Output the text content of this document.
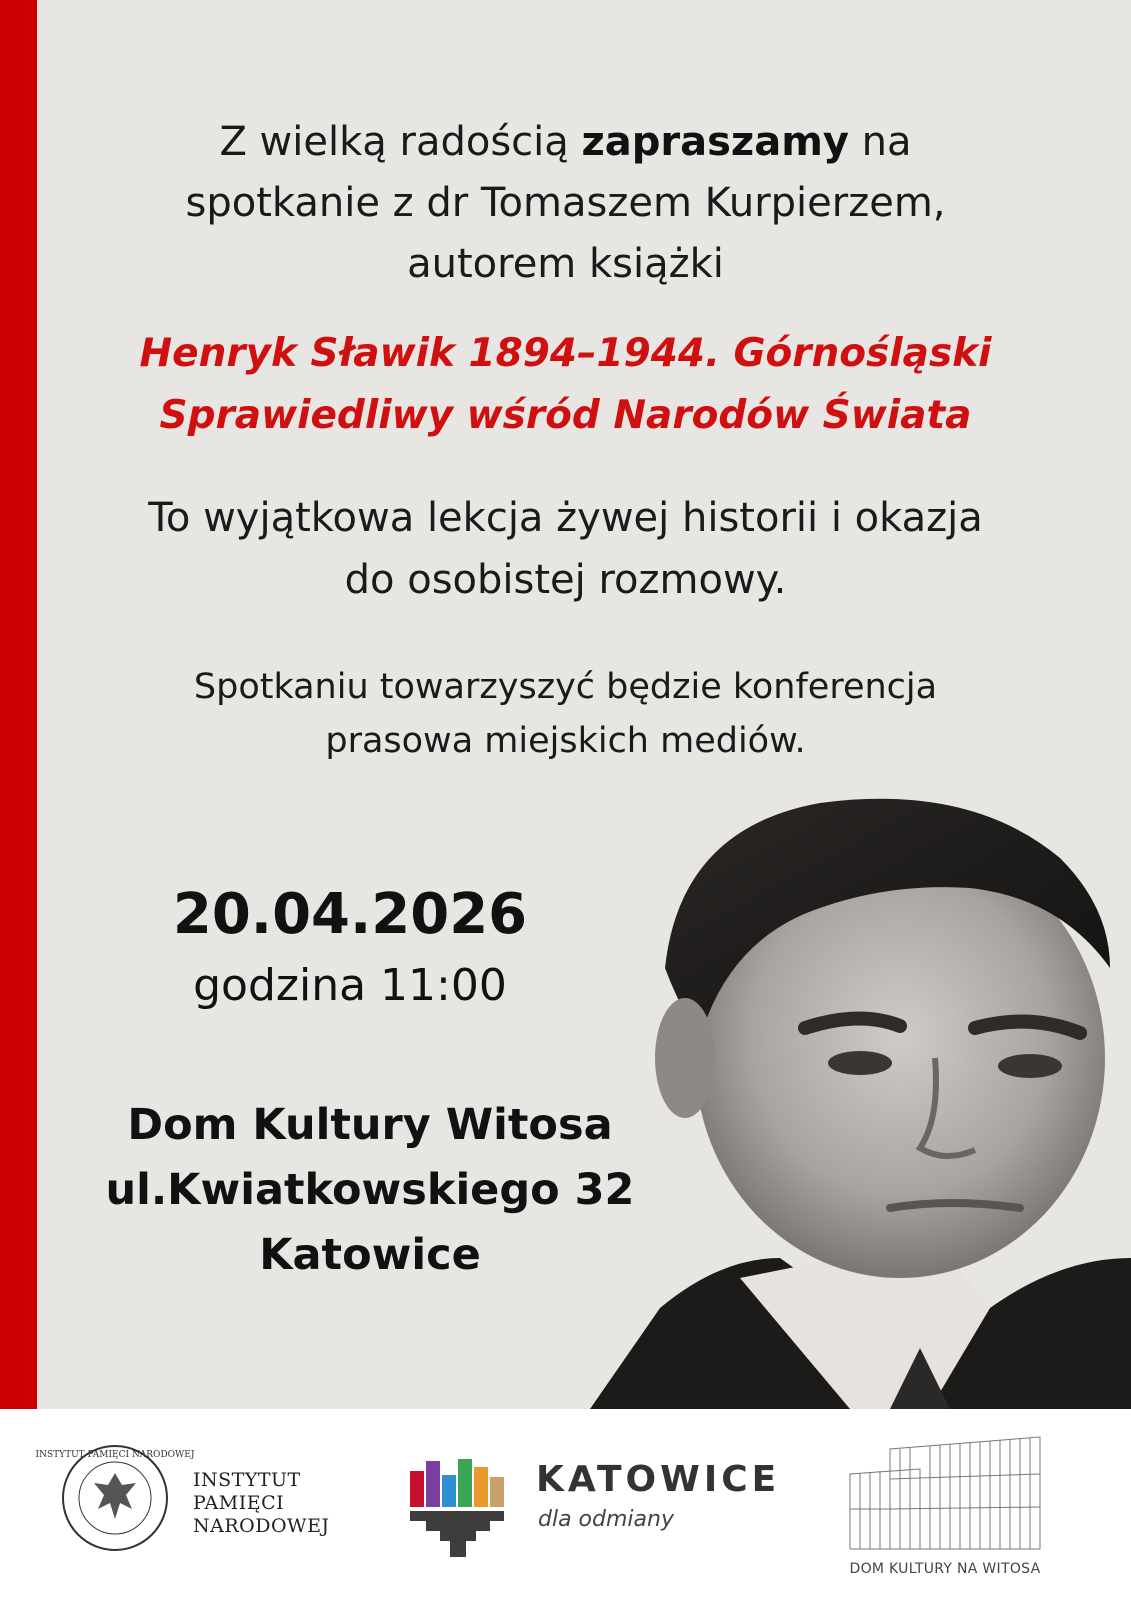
Z wielką radością zapraszamy na
spotkanie z dr Tomaszem Kurpierzem,
autorem książki
Henryk Sławik 1894–1944. Górnośląski
Sprawiedliwy wśród Narodów Świata
To wyjątkowa lekcja żywej historii i okazja
do osobistej rozmowy.
Spotkaniu towarzyszyć będzie konferencja
prasowa miejskich mediów.
20.04.2026
godzina 11:00
Dom Kultury Witosa
ul.Kwiatkowskiego 32
Katowice
INSTYTUT PAMIĘCI NARODOWEJ
INSTYTUT
PAMIĘCI
NARODOWEJ
KATOWICE
dla odmiany
DOM KULTURY NA WITOSA
